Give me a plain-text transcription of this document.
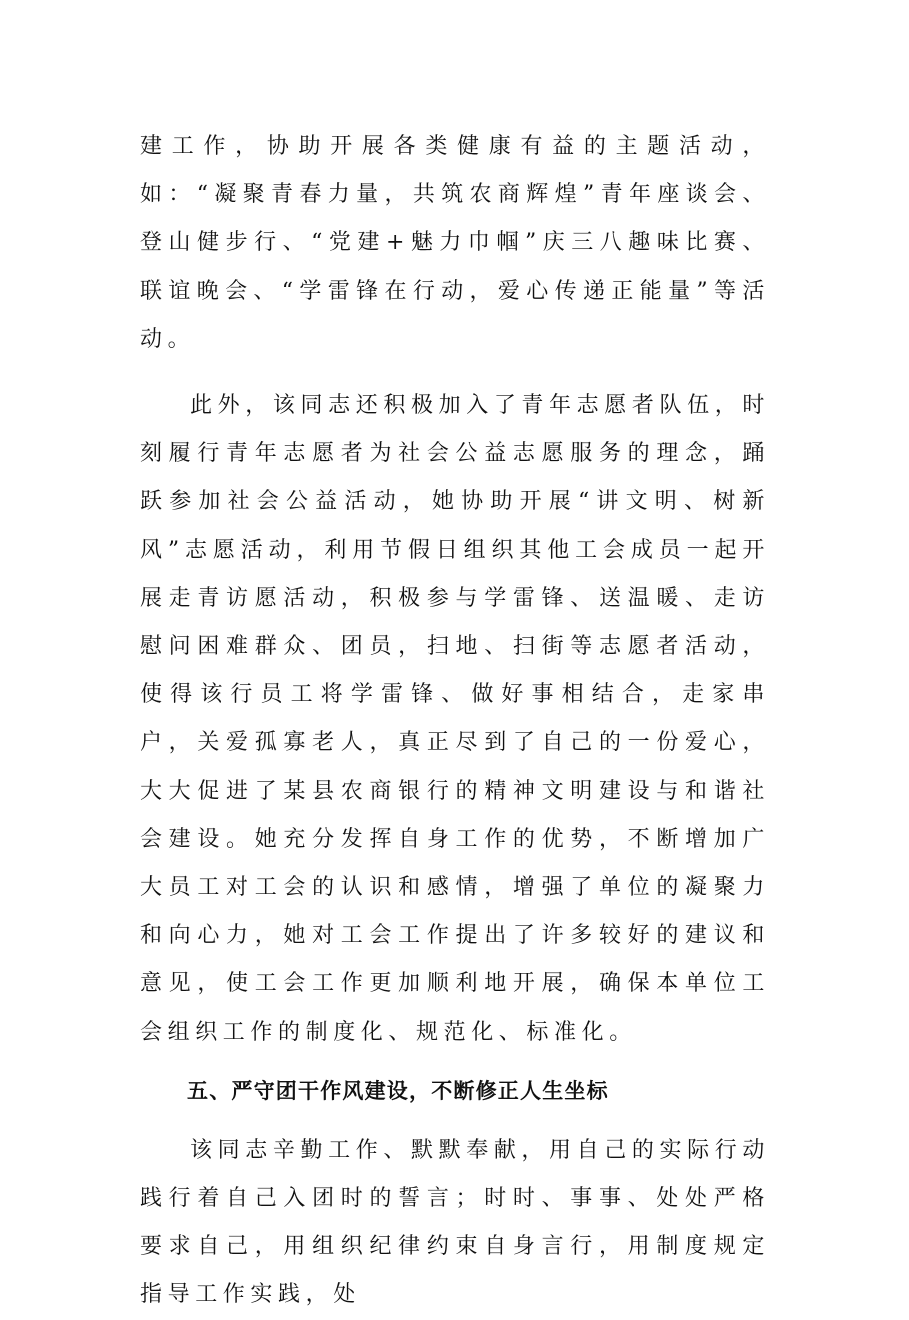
建工作，协助开展各类健康有益的主题活动，如：“凝聚青春力量，共筑农商辉煌”青年座谈会、登山健步行、“党建+魅力巾帼”庆三八趣味比赛、联谊晚会、“学雷锋在行动，爱心传递正能量”等活动。

此外，该同志还积极加入了青年志愿者队伍，时刻履行青年志愿者为社会公益志愿服务的理念，踊跃参加社会公益活动，她协助开展“讲文明、树新风”志愿活动，利用节假日组织其他工会成员一起开展走青访愿活动，积极参与学雷锋、送温暖、走访慰问困难群众、团员，扫地、扫街等志愿者活动，使得该行员工将学雷锋、做好事相结合，走家串户，关爱孤寡老人，真正尽到了自己的一份爱心，大大促进了某县农商银行的精神文明建设与和谐社会建设。她充分发挥自身工作的优势，不断增加广大员工对工会的认识和感情，增强了单位的凝聚力和向心力，她对工会工作提出了许多较好的建议和意见，使工会工作更加顺利地开展，确保本单位工会组织工作的制度化、规范化、标准化。

五、严守团干作风建设，不断修正人生坐标

该同志辛勤工作、默默奉献，用自己的实际行动践行着自己入团时的誓言；时时、事事、处处严格要求自己，用组织纪律约束自身言行，用制度规定指导工作实践，处
